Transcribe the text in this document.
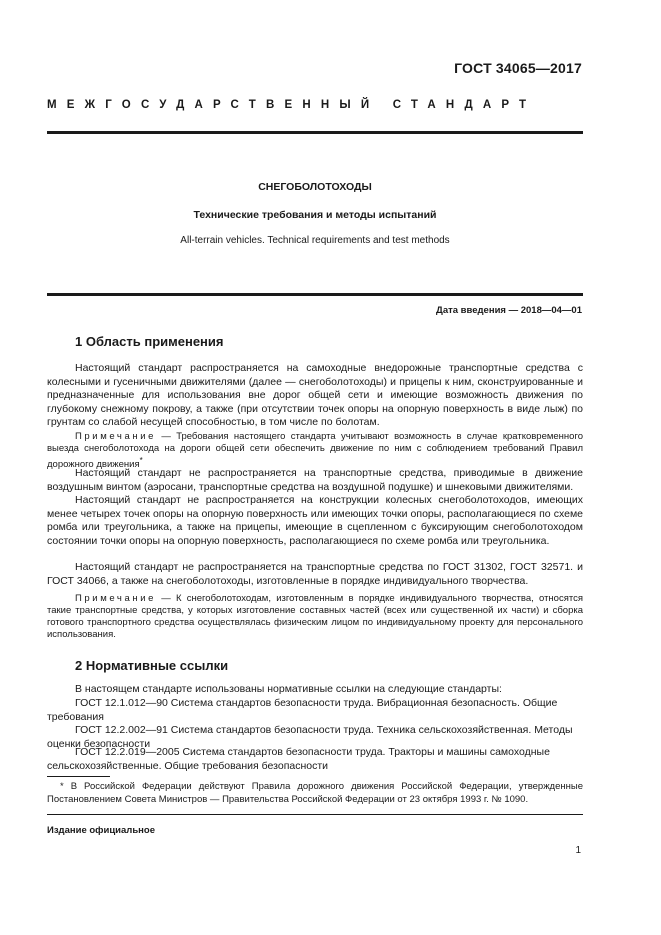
ГОСТ 34065—2017
МЕЖГОСУДАРСТВЕННЫЙ СТАНДАРТ
СНЕГОБОЛОТОХОДЫ
Технические требования и методы испытаний
All-terrain vehicles. Technical requirements and test methods
Дата введения — 2018—04—01
1 Область применения

Настоящий стандарт распространяется на самоходные внедорожные транспортные средства с колесными и гусеничными движителями (далее — снегоболотоходы) и прицепы к ним, сконструированные и предназначенные для использования вне дорог общей сети и имеющие возможность движения по глубокому снежному покрову, а также (при отсутствии точек опоры на опорную поверхность в виде лыж) по грунтам со слабой несущей способностью, в том числе по болотам.

Примечание — Требования настоящего стандарта учитывают возможность в случае кратковременного выезда снегоболотохода на дороги общей сети обеспечить движение по ним с соблюдением требований Правил дорожного движения*

Настоящий стандарт не распространяется на транспортные средства, приводимые в движение воздушным винтом (аэросани, транспортные средства на воздушной подушке) и шнековыми движителями.

Настоящий стандарт не распространяется на конструкции колесных снегоболотоходов, имеющих менее четырех точек опоры на опорную поверхность или имеющих точки опоры, располагающиеся по схеме ромба или треугольника, а также на прицепы, имеющие в сцепленном с буксирующим снегоболотоходом состоянии точки опоры на опорную поверхность, располагающиеся по схеме ромба или треугольника.

Настоящий стандарт не распространяется на транспортные средства по ГОСТ 31302, ГОСТ 32571. и ГОСТ 34066, а также на снегоболотоходы, изготовленные в порядке индивидуального творчества.

Примечание — К снегоболотоходам, изготовленным в порядке индивидуального творчества, относятся такие транспортные средства, у которых изготовление составных частей (всех или существенной их части) и сборка готового транспортного средства осуществлялась физическим лицом по индивидуальному проекту для персонального использования.

2 Нормативные ссылки

В настоящем стандарте использованы нормативные ссылки на следующие стандарты:

ГОСТ 12.1.012—90 Система стандартов безопасности труда. Вибрационная безопасность. Общие требования

ГОСТ 12.2.002—91 Система стандартов безопасности труда. Техника сельскохозяйственная. Методы оценки безопасности

ГОСТ 12.2.019—2005 Система стандартов безопасности труда. Тракторы и машины самоходные сельскохозяйственные. Общие требования безопасности

* В Российской Федерации действуют Правила дорожного движения Российской Федерации, утвержденные Постановлением Совета Министров — Правительства Российской Федерации от 23 октября 1993 г. № 1090.

Издание официальное
1
